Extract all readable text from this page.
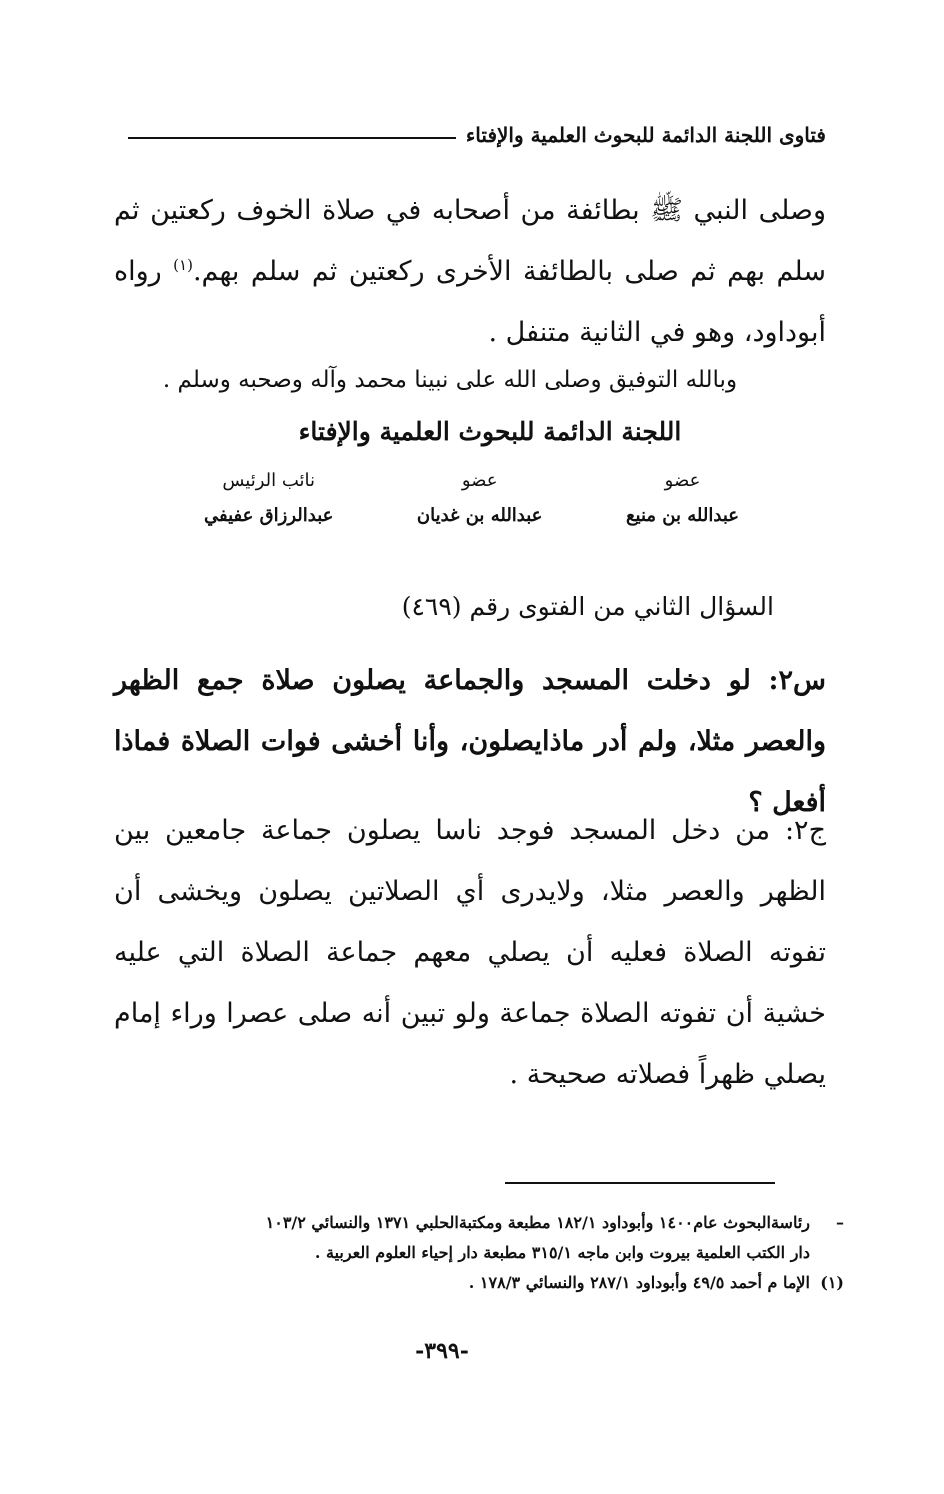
فتاوى اللجنة الدائمة للبحوث العلمية والإفتاء

وصلى النبي ﷺ بطائفة من أصحابه في صلاة الخوف ركعتين ثم سلم بهم ثم صلى بالطائفة الأخرى ركعتين ثم سلم بهم.$^{(١)}$ رواه أبوداود، وهو في الثانية متنفل .

وبالله التوفيق وصلى الله على نبينا محمد وآله وصحبه وسلم .
اللجنة الدائمة للبحوث العلمية والإفتاء
عضو
عبدالله بن منيع
عضو
عبدالله بن غديان
نائب الرئيس
عبدالرزاق عفيفي
السؤال الثاني من الفتوى رقم (٤٦٩)

س٢: لو دخلت المسجد والجماعة يصلون صلاة جمع الظهر والعصر مثلا، ولم أدر ماذايصلون، وأنا أخشى فوات الصلاة فماذا أفعل ؟

ج٢: من دخل المسجد فوجد ناسا يصلون جماعة جامعين بين الظهر والعصر مثلا، ولايدرى أي الصلاتين يصلون ويخشى أن تفوته الصلاة فعليه أن يصلي معهم جماعة الصلاة التي عليه خشية أن تفوته الصلاة جماعة ولو تبين أنه صلى عصرا وراء إمام يصلي ظهراً فصلاته صحيحة .

–
رئاسةالبحوث عام١٤٠٠ وأبوداود ١٨٢/١ مطبعة ومكتبةالحلبي ١٣٧١ والنسائي ١٠٣/٢
دار الكتب العلمية بيروت وابن ماجه ٣١٥/١ مطبعة دار إحياء العلوم العربية .
(١)
الإما م أحمد ٤٩/٥ وأبوداود ٢٨٧/١ والنسائي ١٧٨/٣ .
-٣٩٩-
